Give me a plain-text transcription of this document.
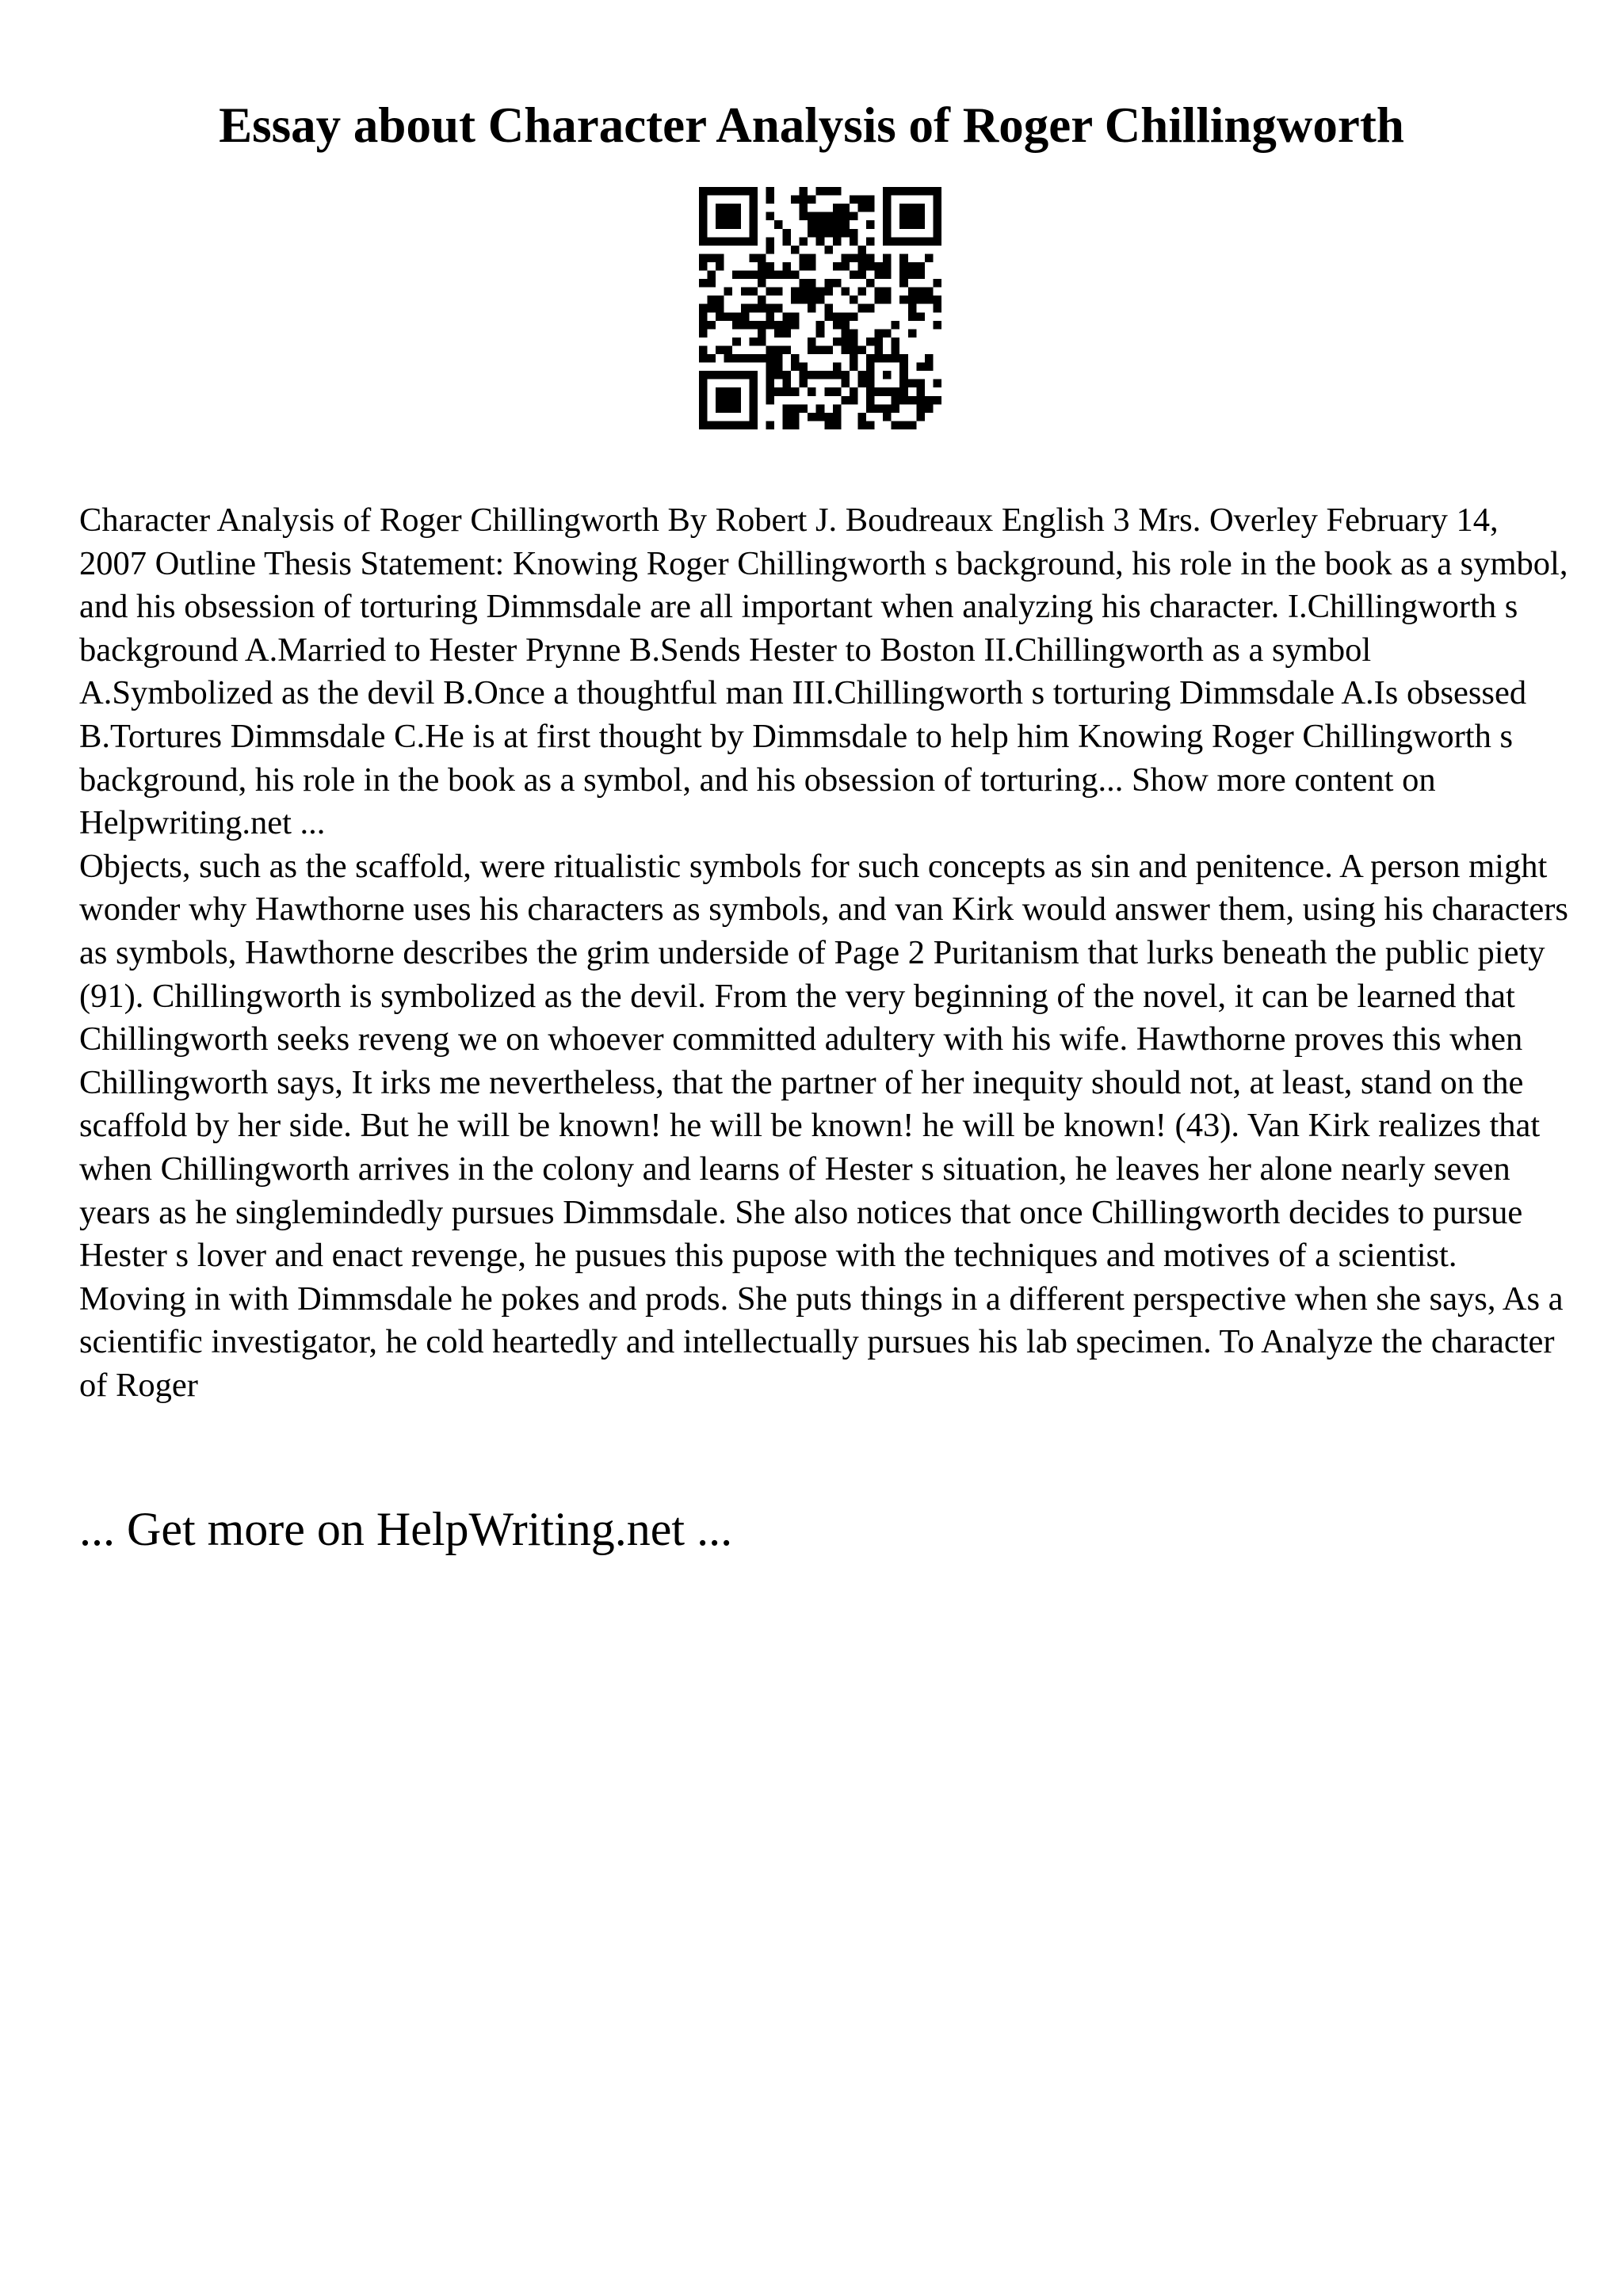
Essay about Character Analysis of Roger Chillingworth

Character Analysis of Roger Chillingworth By Robert J. Boudreaux English 3 Mrs. Overley February 14, 2007 Outline Thesis Statement: Knowing Roger Chillingworth s background, his role in the book as a symbol, and his obsession of torturing Dimmsdale are all important when analyzing his character. I.Chillingworth s background A.Married to Hester Prynne B.Sends Hester to Boston II.Chillingworth as a symbol A.Symbolized as the devil B.Once a thoughtful man III.Chillingworth s torturing Dimmsdale A.Is obsessed B.Tortures Dimmsdale C.He is at first thought by Dimmsdale to help him Knowing Roger Chillingworth s background, his role in the book as a symbol, and his obsession of torturing... Show more content on Helpwriting.net ...

Objects, such as the scaffold, were ritualistic symbols for such concepts as sin and penitence. A person might wonder why Hawthorne uses his characters as symbols, and van Kirk would answer them, using his characters as symbols, Hawthorne describes the grim underside of Page 2 Puritanism that lurks beneath the public piety (91). Chillingworth is symbolized as the devil. From the very beginning of the novel, it can be learned that Chillingworth seeks reveng we on whoever committed adultery with his wife. Hawthorne proves this when Chillingworth says, It irks me nevertheless, that the partner of her inequity should not, at least, stand on the scaffold by her side. But he will be known! he will be known! he will be known! (43). Van Kirk realizes that when Chillingworth arrives in the colony and learns of Hester s situation, he leaves her alone nearly seven years as he singlemindedly pursues Dimmsdale. She also notices that once Chillingworth decides to pursue Hester s lover and enact revenge, he pusues this pupose with the techniques and motives of a scientist. Moving in with Dimmsdale he pokes and prods. She puts things in a different perspective when she says, As a scientific investigator, he cold heartedly and intellectually pursues his lab specimen. To Analyze the character of Roger

... Get more on HelpWriting.net ...
